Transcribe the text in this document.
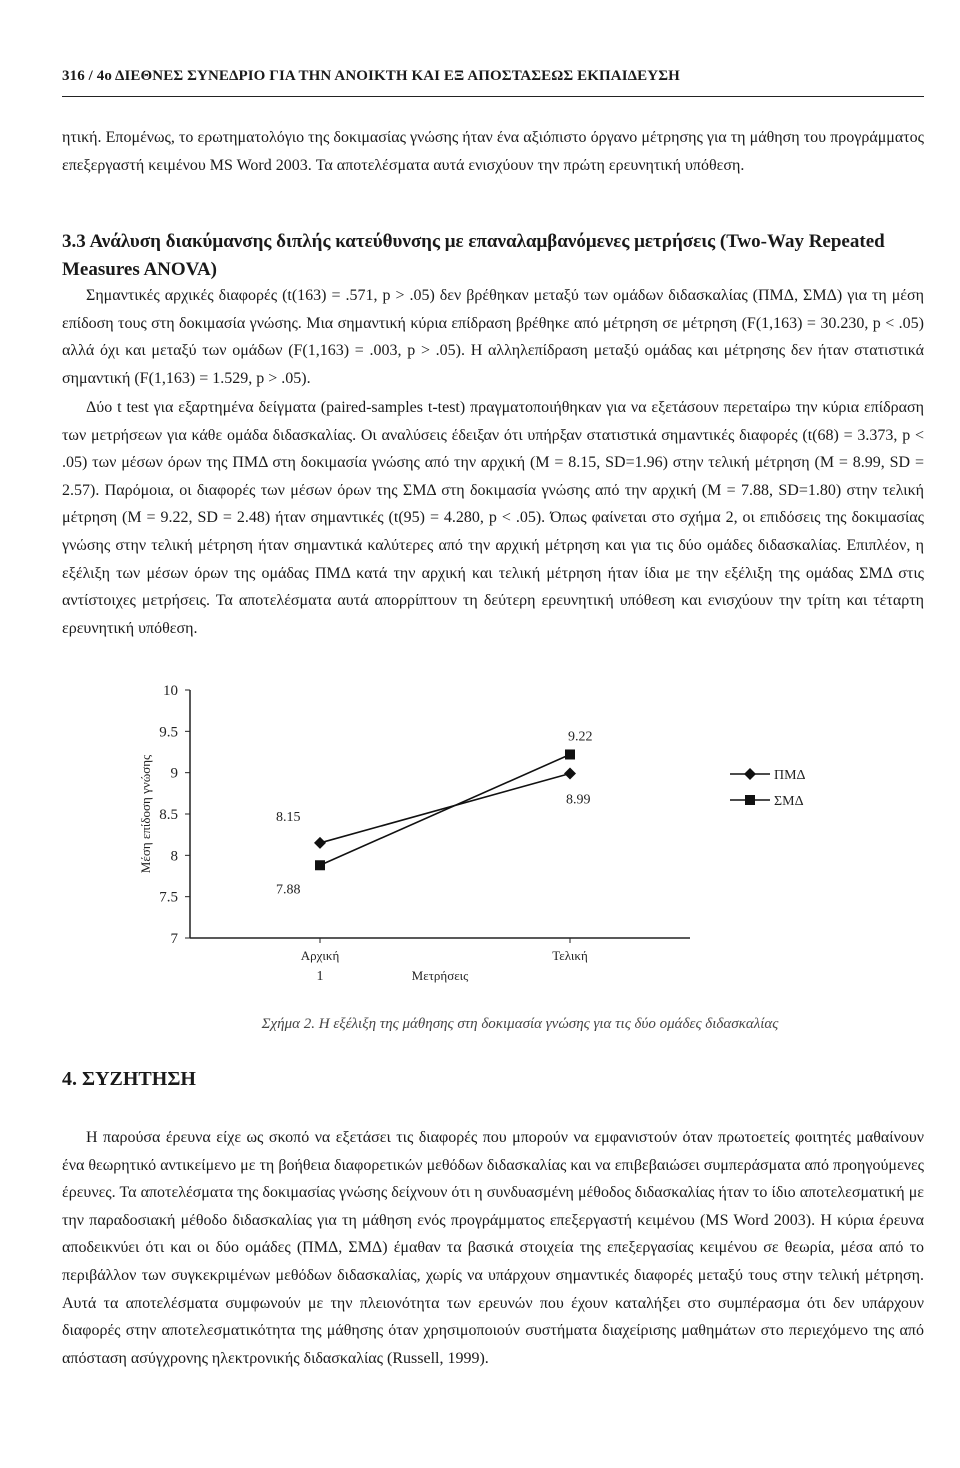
316 / 4ο ΔΙΕΘΝΕΣ ΣΥΝΕΔΡΙΟ ΓΙΑ ΤΗΝ ΑΝΟΙΚΤΗ ΚΑΙ ΕΞ ΑΠΟΣΤΑΣΕΩΣ ΕΚΠΑΙΔΕΥΣΗ

ητική. Επομένως, το ερωτηματολόγιο της δοκιμασίας γνώσης ήταν ένα αξιόπιστο όργανο μέτρησης για τη μάθηση του προγράμματος επεξεργαστή κειμένου MS Word 2003. Τα αποτελέσματα αυτά ενισχύουν την πρώτη ερευνητική υπόθεση.

3.3 Ανάλυση διακύμανσης διπλής κατεύθυνσης με επαναλαμβανόμενες μετρήσεις (Two-Way Repeated Measures ANOVA)

Σημαντικές αρχικές διαφορές (t(163) = .571, p > .05) δεν βρέθηκαν μεταξύ των ομάδων διδασκαλίας (ΠΜΔ, ΣΜΔ) για τη μέση επίδοση τους στη δοκιμασία γνώσης. Μια σημαντική κύρια επίδραση βρέθηκε από μέτρηση σε μέτρηση (F(1,163) = 30.230, p < .05) αλλά όχι και μεταξύ των ομάδων (F(1,163) = .003, p > .05). Η αλληλεπίδραση μεταξύ ομάδας και μέτρησης δεν ήταν στατιστικά σημαντική (F(1,163) = 1.529, p > .05).

Δύο t test για εξαρτημένα δείγματα (paired-samples t-test) πραγματοποιήθηκαν για να εξετάσουν περεταίρω την κύρια επίδραση των μετρήσεων για κάθε ομάδα διδασκαλίας. Οι αναλύσεις έδειξαν ότι υπήρξαν στατιστικά σημαντικές διαφορές (t(68) = 3.373, p < .05) των μέσων όρων της ΠΜΔ στη δοκιμασία γνώσης από την αρχική (M = 8.15, SD=1.96) στην τελική μέτρηση (M = 8.99, SD = 2.57). Παρόμοια, οι διαφορές των μέσων όρων της ΣΜΔ στη δοκιμασία γνώσης από την αρχική (M = 7.88, SD=1.80) στην τελική μέτρηση (M = 9.22, SD = 2.48) ήταν σημαντικές (t(95) = 4.280, p < .05). Όπως φαίνεται στο σχήμα 2, οι επιδόσεις της δοκιμασίας γνώσης στην τελική μέτρηση ήταν σημαντικά καλύτερες από την αρχική μέτρηση και για τις δύο ομάδες διδασκαλίας. Επιπλέον, η εξέλιξη των μέσων όρων της ομάδας ΠΜΔ κατά την αρχική και τελική μέτρηση ήταν ίδια με την εξέλιξη της ομάδας ΣΜΔ στις αντίστοιχες μετρήσεις. Τα αποτελέσματα αυτά απορρίπτουν τη δεύτερη ερευνητική υπόθεση και ενισχύουν την τρίτη και τέταρτη ερευνητική υπόθεση.

10
9.5
9
8.5
8
7.5
7
Μέση επίδοση γνώσης
Αρχική	Τελική
1	Μετρήσεις
8.15
8.99
7.88
9.22
ΠΜΔ
ΣΜΔ
Σχήμα 2. Η εξέλιξη της μάθησης στη δοκιμασία γνώσης για τις δύο ομάδες διδασκαλίας
4. ΣΥΖΗΤΗΣΗ

Η παρούσα έρευνα είχε ως σκοπό να εξετάσει τις διαφορές που μπορούν να εμφανιστούν όταν πρωτοετείς φοιτητές μαθαίνουν ένα θεωρητικό αντικείμενο με τη βοήθεια διαφορετικών μεθόδων διδασκαλίας και να επιβεβαιώσει συμπεράσματα από προηγούμενες έρευνες. Τα αποτελέσματα της δοκιμασίας γνώσης δείχνουν ότι η συνδυασμένη μέθοδος διδασκαλίας ήταν το ίδιο αποτελεσματική με την παραδοσιακή μέθοδο διδασκαλίας για τη μάθηση ενός προγράμματος επεξεργαστή κειμένου (MS Word 2003). Η κύρια έρευνα αποδεικνύει ότι και οι δύο ομάδες (ΠΜΔ, ΣΜΔ) έμαθαν τα βασικά στοιχεία της επεξεργασίας κειμένου σε θεωρία, μέσα από το περιβάλλον των συγκεκριμένων μεθόδων διδασκαλίας, χωρίς να υπάρχουν σημαντικές διαφορές μεταξύ τους στην τελική μέτρηση. Αυτά τα αποτελέσματα συμφωνούν με την πλειονότητα των ερευνών που έχουν καταλήξει στο συμπέρασμα ότι δεν υπάρχουν διαφορές στην αποτελεσματικότητα της μάθησης όταν χρησιμοποιούν συστήματα διαχείρισης μαθημάτων στο περιεχόμενο της από απόσταση ασύγχρονης ηλεκτρονικής διδασκαλίας (Russell, 1999).
